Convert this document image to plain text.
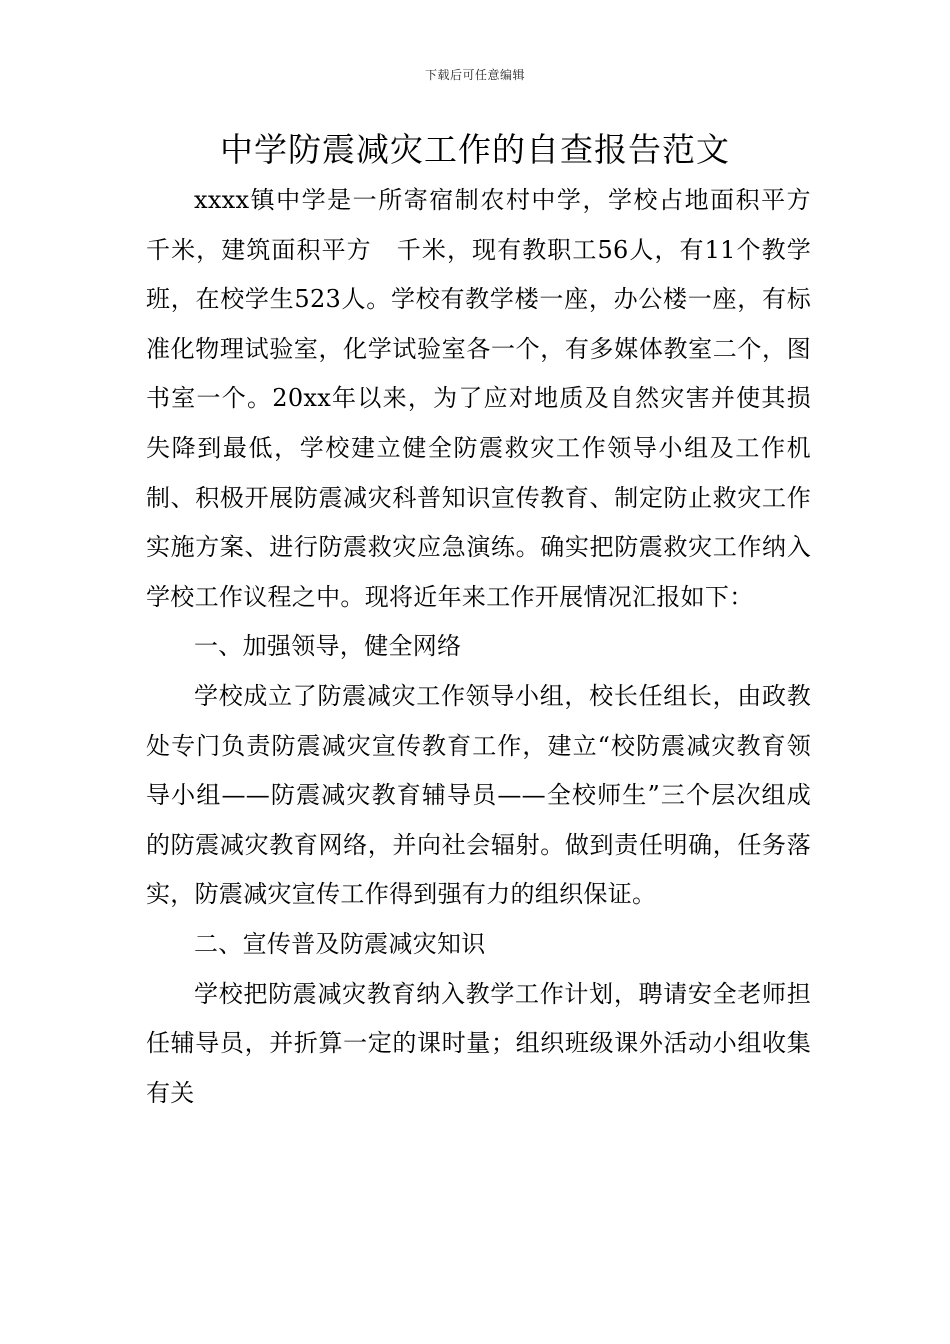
下载后可任意编辑
中学防震减灾工作的自查报告范文

xxxx镇中学是一所寄宿制农村中学，学校占地面积平方　千米，建筑面积平方　千米，现有教职工56人，有11个教学班，在校学生523人。学校有教学楼一座，办公楼一座，有标准化物理试验室，化学试验室各一个，有多媒体教室二个，图书室一个。20xx年以来，为了应对地质及自然灾害并使其损失降到最低，学校建立健全防震救灾工作领导小组及工作机制、积极开展防震减灾科普知识宣传教育、制定防止救灾工作实施方案、进行防震救灾应急演练。确实把防震救灾工作纳入学校工作议程之中。现将近年来工作开展情况汇报如下：

一、加强领导，健全网络

学校成立了防震减灾工作领导小组，校长任组长，由政教处专门负责防震减灾宣传教育工作，建立“校防震减灾教育领导小组——防震减灾教育辅导员——全校师生”三个层次组成的防震减灾教育网络，并向社会辐射。做到责任明确，任务落实，防震减灾宣传工作得到强有力的组织保证。

二、宣传普及防震减灾知识

学校把防震减灾教育纳入教学工作计划，聘请安全老师担任辅导员，并折算一定的课时量；组织班级课外活动小组收集有关
